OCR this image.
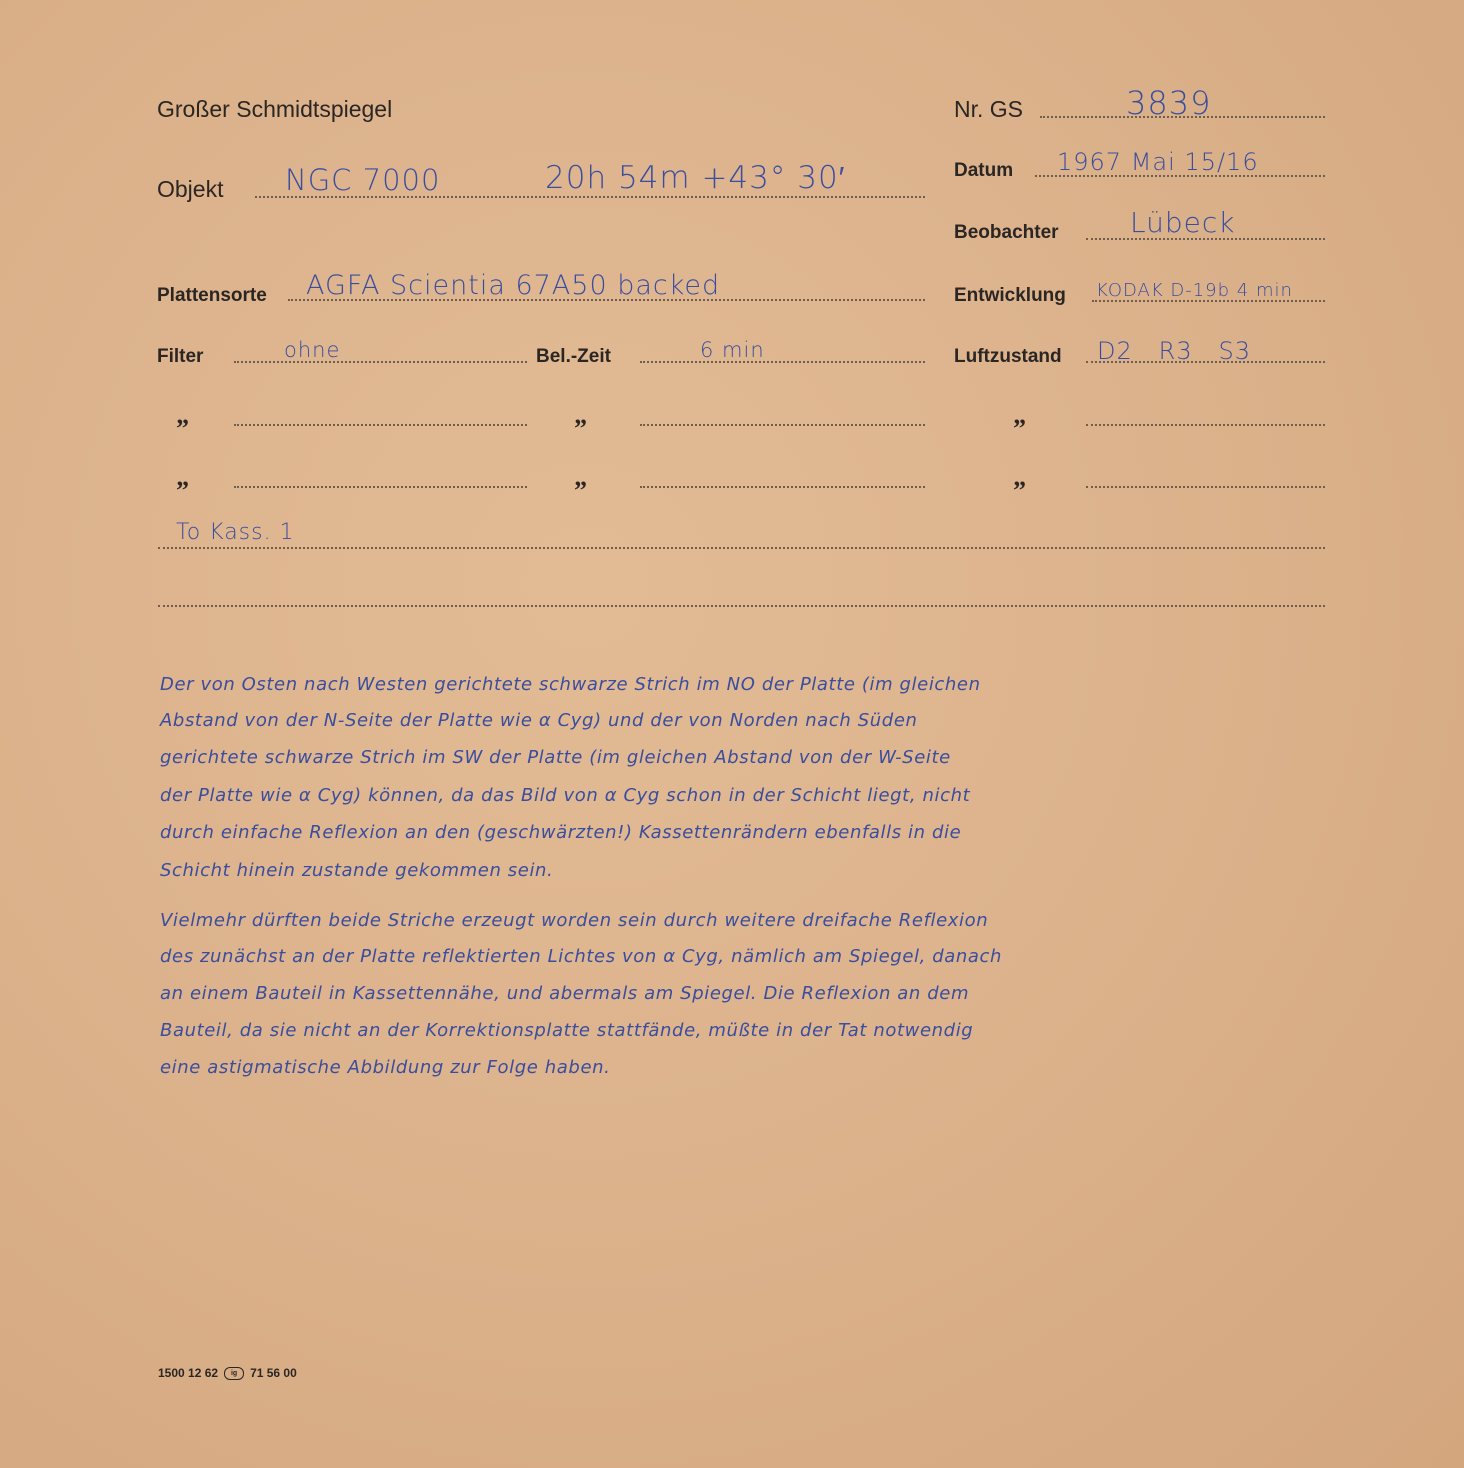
Großer Schmidtspiegel	Nr. GS	3839
Objekt NGC 7000	20h 54m +43° 30′	Datum 1967 Mai 15/16
Beobachter	Lübeck
Plattensorte AGFA Scientia 67A50 backed	Entwicklung KODAK D-19b 4 min
Filter	ohne	Bel.-Zeit	6 min	Luftzustand D2   R3   S3
”	”	”
”	”	”
To Kass. 1
Der von Osten nach Westen gerichtete schwarze Strich im NO der Platte (im gleichen
Abstand von der N-Seite der Platte wie α Cyg) und der von Norden nach Süden
gerichtete schwarze Strich im SW der Platte (im gleichen Abstand von der W-Seite
der Platte wie α Cyg) können, da das Bild von α Cyg schon in der Schicht liegt, nicht
durch einfache Reflexion an den (geschwärzten!) Kassettenrändern ebenfalls in die
Schicht hinein zustande gekommen sein.
Vielmehr dürften beide Striche erzeugt worden sein durch weitere dreifache Reflexion
des zunächst an der Platte reflektierten Lichtes von α Cyg, nämlich am Spiegel, danach
an einem Bauteil in Kassettennähe, und abermals am Spiegel. Die Reflexion an dem
Bauteil, da sie nicht an der Korrektionsplatte stattfände, müßte in der Tat notwendig
eine astigmatische Abbildung zur Folge haben.
1500 12 62	ig	71 56 00
